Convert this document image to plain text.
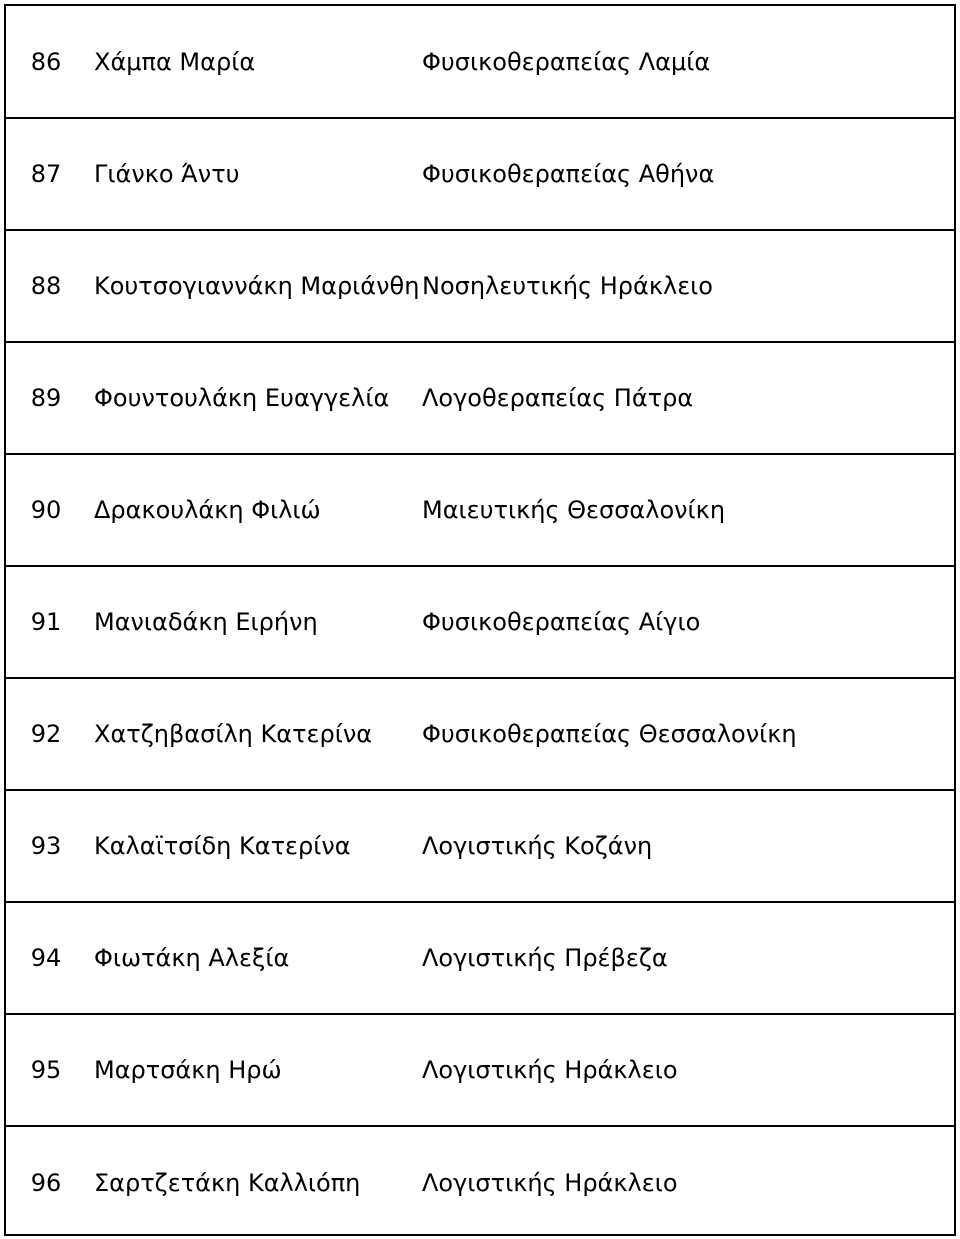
86	Χάμπα Μαρία	Φυσικοθεραπείας Λαμία
87	Γιάνκο Άντυ	Φυσικοθεραπείας Αθήνα
88	Κουτσογιαννάκη Μαριάνθη	Νοσηλευτικής Ηράκλειο
89	Φουντουλάκη Ευαγγελία	Λογοθεραπείας Πάτρα
90	Δρακουλάκη Φιλιώ	Μαιευτικής Θεσσαλονίκη
91	Μανιαδάκη Ειρήνη	Φυσικοθεραπείας Αίγιο
92	Χατζηβασίλη Κατερίνα	Φυσικοθεραπείας Θεσσαλονίκη
93	Καλαϊτσίδη Κατερίνα	Λογιστικής Κοζάνη
94	Φιωτάκη Αλεξία	Λογιστικής Πρέβεζα
95	Μαρτσάκη Ηρώ	Λογιστικής Ηράκλειο
96	Σαρτζετάκη Καλλιόπη	Λογιστικής Ηράκλειο
